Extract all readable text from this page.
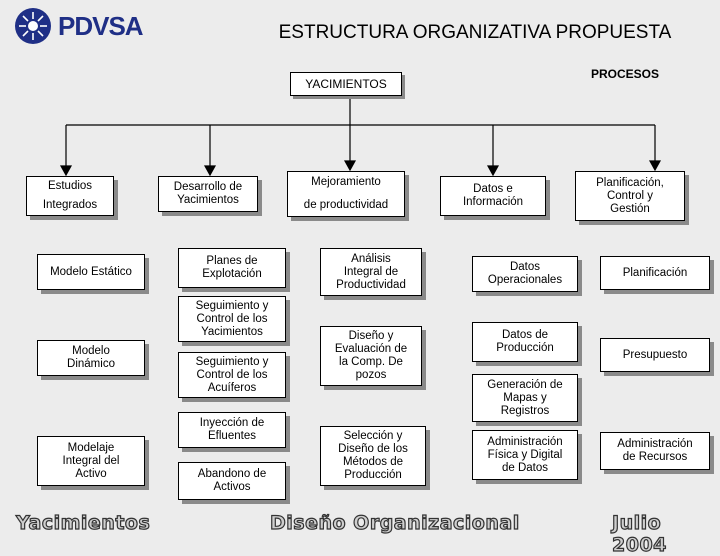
PDVSA	ESTRUCTURA ORGANIZATIVA PROPUESTA
PROCESOS
YACIMIENTOS
Estudios
Integrados
Desarrollo de
Yacimientos
Mejoramiento
de productividad
Datos e
Información
Planificación,
Control y
Gestión
Modelo Estático
Modelo
Dinámico
Modelaje
Integral del
Activo
Planes de
Explotación
Seguimiento y
Control de los
Yacimientos
Seguimiento y
Control de los
Acuíferos
Inyección de
Efluentes
Abandono de
Activos
Análisis
Integral de
Productividad
Diseño y
Evaluación de
la Comp. De
pozos
Selección y
Diseño de los
Métodos de
Producción
Datos
Operacionales
Datos de
Producción
Generación de
Mapas y
Registros
Administración
Física y Digital
de Datos
Planificación
Presupuesto
Administración
de Recursos
Yacimientos	Diseño Organizacional	Julio 2004
